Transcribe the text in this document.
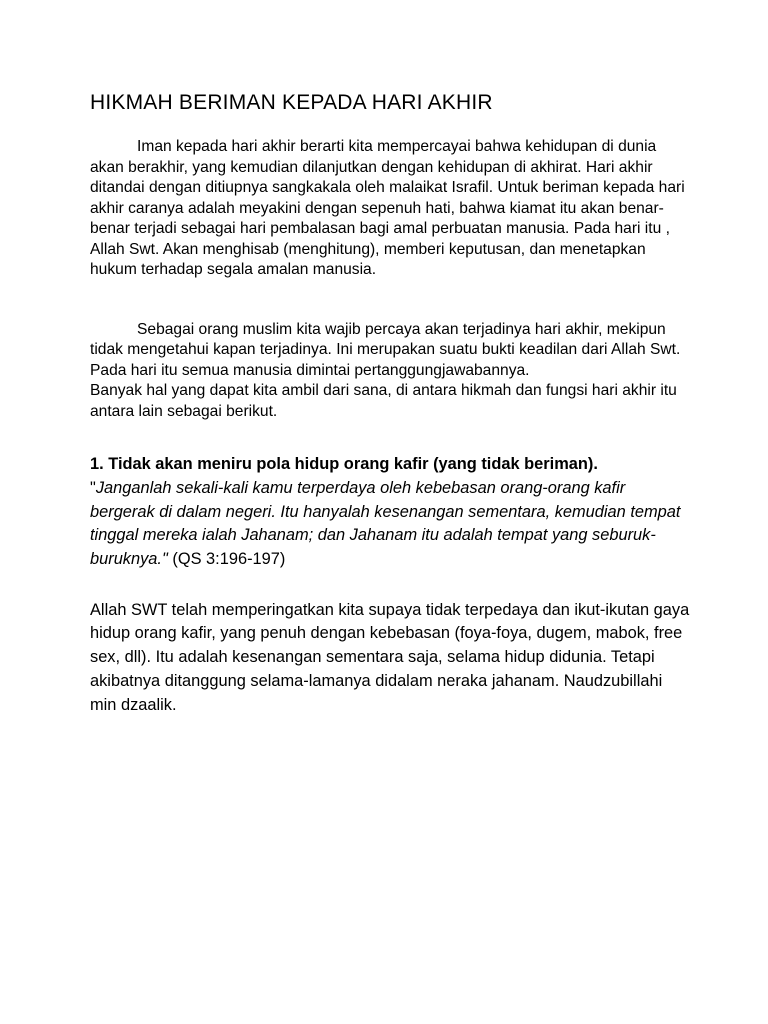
HIKMAH BERIMAN KEPADA HARI AKHIR

Iman kepada hari akhir berarti kita mempercayai bahwa kehidupan di dunia akan berakhir, yang kemudian dilanjutkan dengan kehidupan di akhirat. Hari akhir ditandai dengan ditiupnya sangkakala oleh malaikat Israfil. Untuk beriman kepada hari akhir caranya adalah meyakini dengan sepenuh hati, bahwa kiamat itu akan benar-benar terjadi sebagai hari pembalasan bagi amal perbuatan manusia. Pada hari itu , Allah Swt. Akan menghisab (menghitung), memberi keputusan, dan menetapkan hukum terhadap segala amalan manusia.

Sebagai orang muslim kita wajib percaya akan terjadinya hari akhir, mekipun tidak mengetahui kapan terjadinya. Ini merupakan suatu bukti keadilan dari Allah Swt. Pada hari itu semua manusia dimintai pertanggungjawabannya.

Banyak hal yang dapat kita ambil dari sana, di antara hikmah dan fungsi hari akhir itu antara lain sebagai berikut.

1. Tidak akan meniru pola hidup orang kafir (yang tidak beriman).

"Janganlah sekali-kali kamu terperdaya oleh kebebasan orang-orang kafir bergerak di dalam negeri. Itu hanyalah kesenangan sementara, kemudian tempat tinggal mereka ialah Jahanam; dan Jahanam itu adalah tempat yang seburuk-buruknya." (QS 3:196-197)

Allah SWT telah memperingatkan kita supaya tidak terpedaya dan ikut-ikutan gaya hidup orang kafir, yang penuh dengan kebebasan (foya-foya, dugem, mabok, free sex, dll). Itu adalah kesenangan sementara saja, selama hidup didunia. Tetapi akibatnya ditanggung selama-lamanya didalam neraka jahanam. Naudzubillahi min dzaalik.
